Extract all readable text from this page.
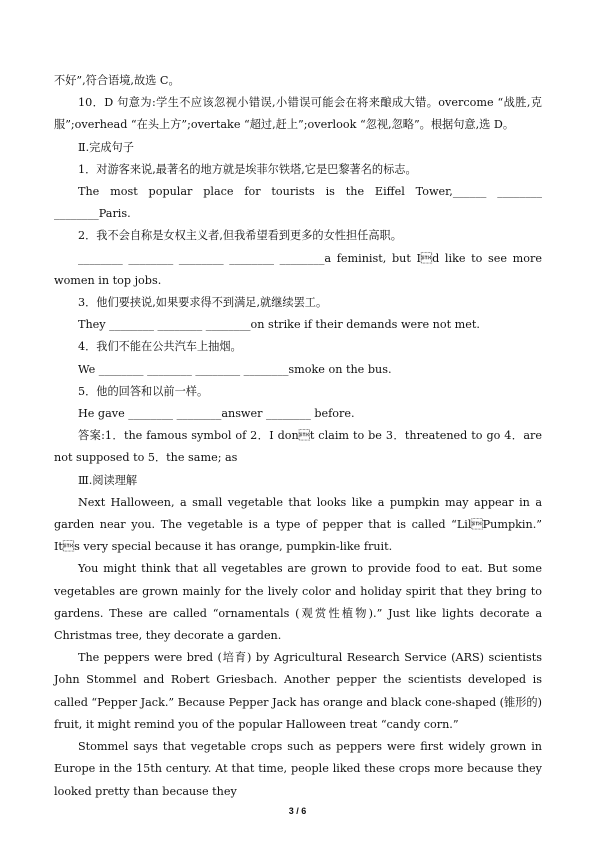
不好”,符合语境,故选 C。

10．D 句意为:学生不应该忽视小错误,小错误可能会在将来酿成大错。overcome “战胜,克服”;overhead “在头上方”;overtake “超过,赶上”;overlook “忽视,忽略”。根据句意,选 D。

Ⅱ.完成句子

1．对游客来说,最著名的地方就是埃菲尔铁塔,它是巴黎著名的标志。

The most popular place for tourists is the Eiffel Tower,______ ________ ________Paris.

2．我不会自称是女权主义者,但我希望看到更多的女性担任高职。

________ ________ ________ ________ ________a feminist, but Id like to see more women in top jobs.

3．他们要挟说,如果要求得不到满足,就继续罢工。

They ________ ________ ________on strike if their demands were not met.

4．我们不能在公共汽车上抽烟。

We ________ ________ ________ ________smoke on the bus.

5．他的回答和以前一样。

He gave ________ ________answer ________ before.

答案:1．the famous symbol of 2．I dont claim to be 3．threatened to go 4．are not supposed to 5．the same; as

Ⅲ.阅读理解

Next Halloween, a small vegetable that looks like a pumpkin may appear in a garden near you. The vegetable is a type of pepper that is called “LilPumpkin.” Its very special because it has orange, pumpkin-like fruit.

You might think that all vegetables are grown to provide food to eat. But some vegetables are grown mainly for the lively color and holiday spirit that they bring to gardens. These are called “ornamentals (观赏性植物).” Just like lights decorate a Christmas tree, they decorate a garden.

The peppers were bred (培育) by Agricultural Research Service (ARS) scientists John Stommel and Robert Griesbach. Another pepper the scientists developed is called “Pepper Jack.” Because Pepper Jack has orange and black cone-shaped (锥形的) fruit, it might remind you of the popular Halloween treat “candy corn.”

Stommel says that vegetable crops such as peppers were first widely grown in Europe in the 15th century. At that time, people liked these crops more because they looked pretty than because they

3 / 6
